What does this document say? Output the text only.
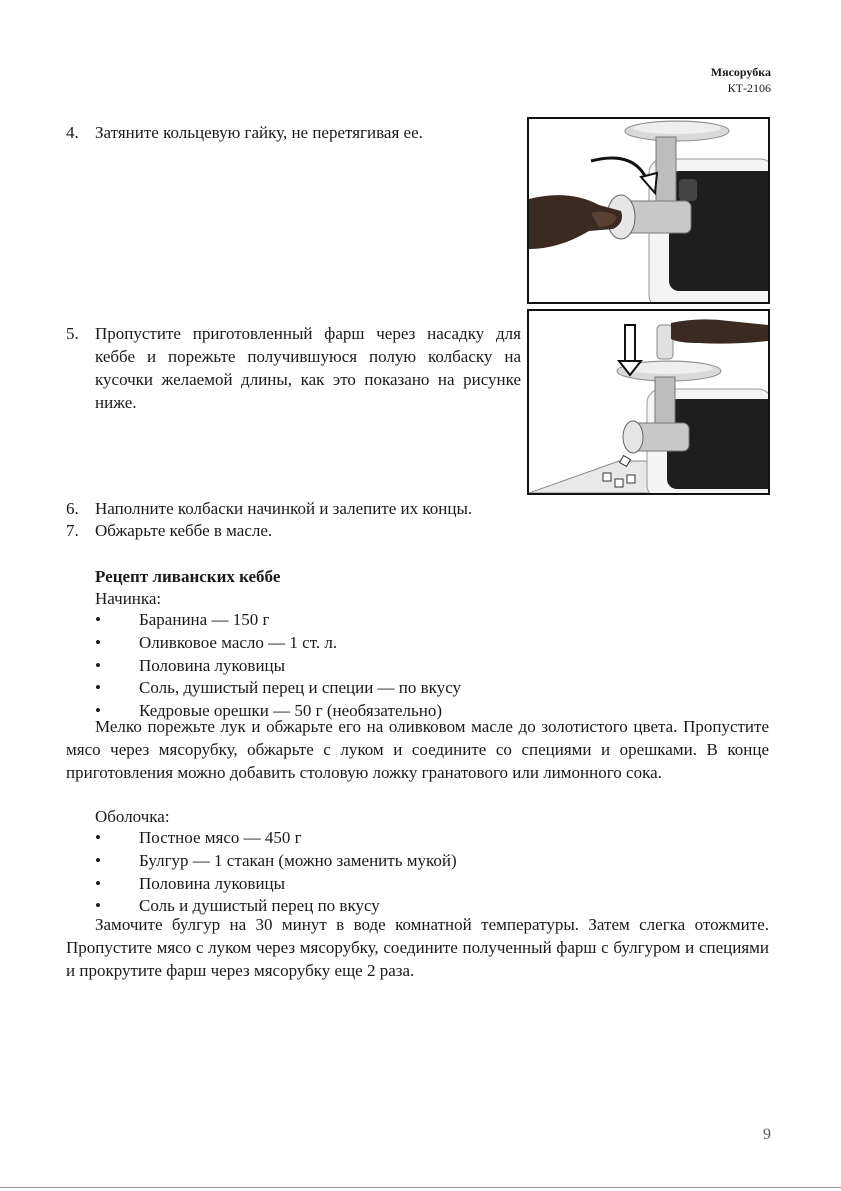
Мясорубка
КТ-2106
4. Затяните кольцевую гайку, не перетягивая ее.
5. Пропустите приготовленный фарш через насадку для кеббе и порежьте получившуюся полую колбаску на кусочки желаемой длины, как это показано на рисунке ниже.
6. Наполните колбаски начинкой и залепите их концы.
7. Обжарьте кеббе в масле.
Рецепт ливанских кеббе
Начинка:
• Баранина — 150 г
• Оливковое масло — 1 ст. л.
• Половина луковицы
• Соль, душистый перец и специи — по вкусу
• Кедровые орешки — 50 г (необязательно)
Мелко порежьте лук и обжарьте его на оливковом масле до золотистого цвета. Пропустите мясо через мясорубку, обжарьте с луком и соедините со специями и орешками. В конце приготовления можно добавить столовую ложку гранатового или лимонного сока.
Оболочка:
• Постное мясо — 450 г
• Булгур — 1 стакан (можно заменить мукой)
• Половина луковицы
• Соль и душистый перец по вкусу
Замочите булгур на 30 минут в воде комнатной температуры. Затем слегка отожмите. Пропустите мясо с луком через мясорубку, соедините полученный фарш с булгуром и специями и прокрутите фарш через мясорубку еще 2 раза.
9
